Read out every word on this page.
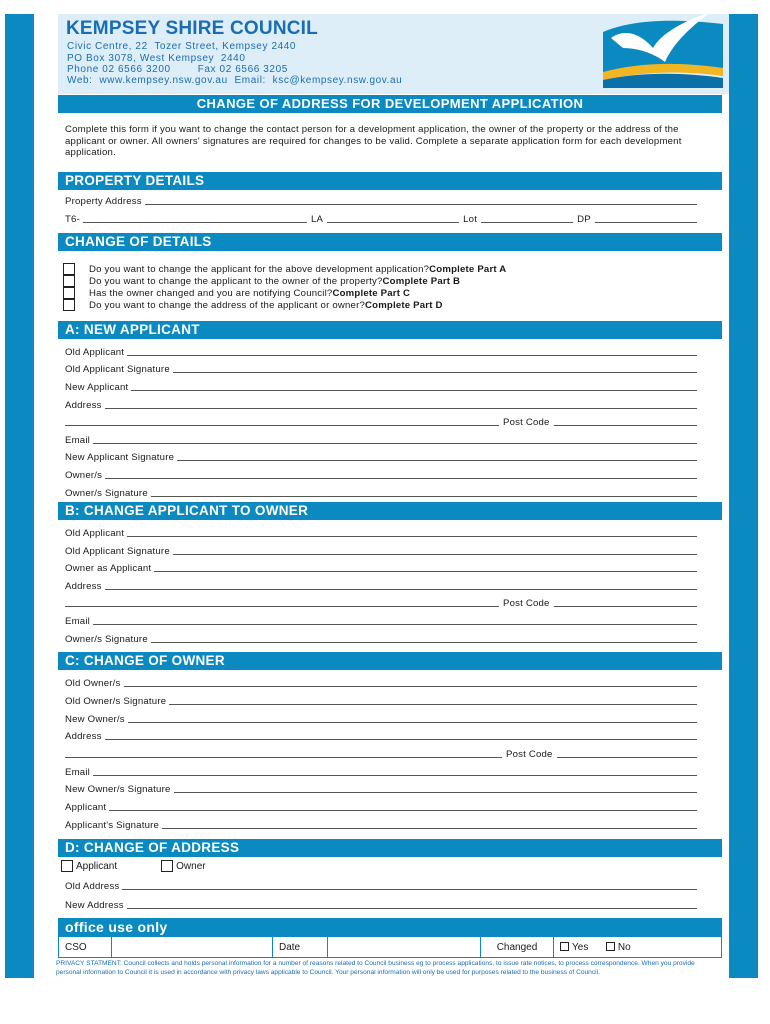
KEMPSEY SHIRE COUNCIL
Civic Centre, 22  Tozer Street, Kempsey 2440
PO Box 3078, West Kempsey  2440
Phone 02 6566 3200        Fax 02 6566 3205
Web:  www.kempsey.nsw.gov.au  Email:  ksc@kempsey.nsw.gov.au
CHANGE OF ADDRESS FOR DEVELOPMENT APPLICATION
Complete this form if you want to change the contact person for a development application, the owner of the property or the address of the applicant or owner. All owners' signatures are required for changes to be valid. Complete a separate application form for each development application.
PROPERTY DETAILS
Property Address
T6-	LA	Lot	DP
CHANGE OF DETAILS
Do you want to change the applicant for the above development application? Complete Part A
Do you want to change the applicant to the owner of the property? Complete Part B
Has the owner changed and you are notifying Council? Complete Part C
Do you want to change the address of the applicant or owner? Complete Part D
A: NEW APPLICANT
Old Applicant
Old Applicant Signature
New Applicant
Address
Post Code
Email
New Applicant Signature
Owner/s
Owner/s Signature
B: CHANGE APPLICANT TO OWNER
Old Applicant
Old Applicant Signature
Owner as Applicant
Address
Post Code
Email
Owner/s Signature
C: CHANGE OF OWNER
Old Owner/s
Old Owner/s Signature
New Owner/s
Address
Post Code
Email
New Owner/s Signature
Applicant
Applicant's Signature
D: CHANGE OF ADDRESS
Applicant	Owner
Old Address
New Address
office use only
CSO		Date		Changed	Yes	No
PRIVACY STATMENT: Council collects and holds personal information for a number of reasons related to Council business eg to process applications, to issue rate notices, to process correspondence. When you provide personal information to Council it is used in accordance with privacy laws applicable to Council. Your personal information will only be used for purposes related to the business of Council.
